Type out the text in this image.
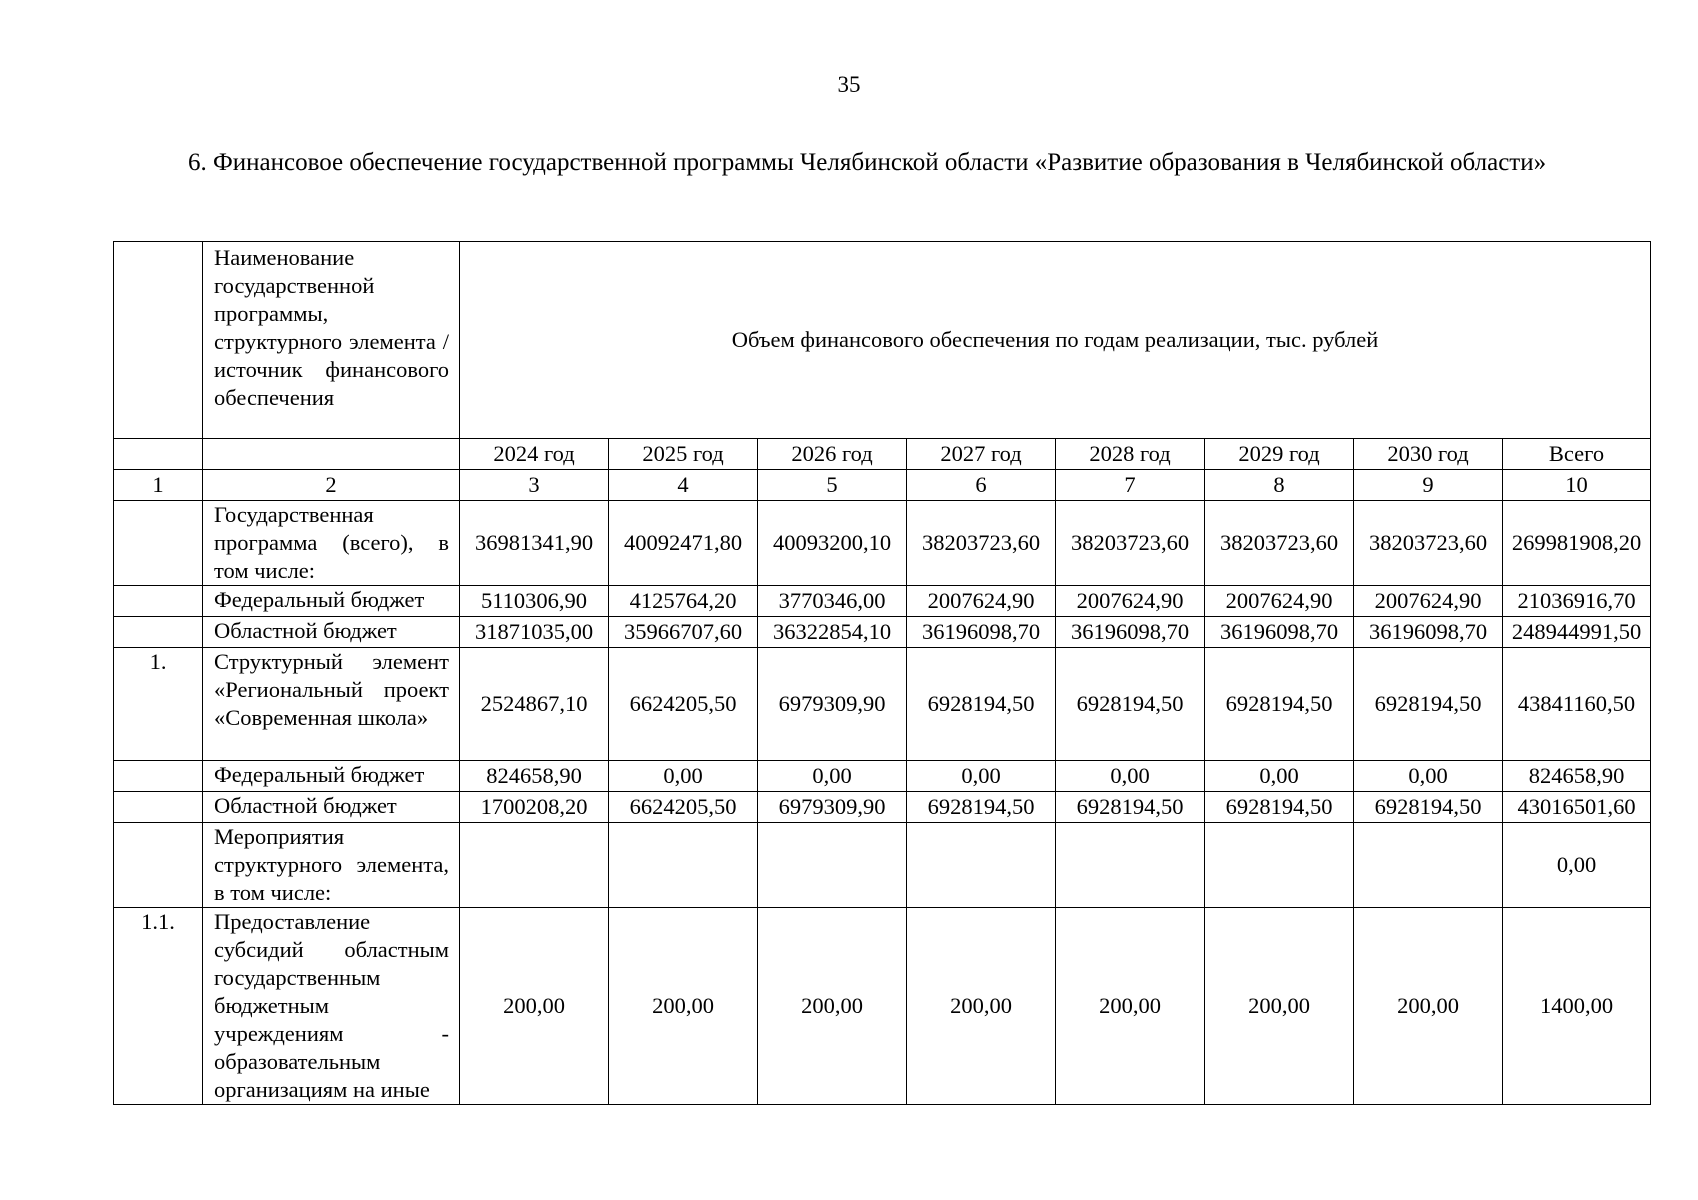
35
6. Финансовое обеспечение государственной программы Челябинской области «Развитие образования в Челябинской области»
	Наименование государственной программы, структурного элемента / источник финансового обеспечения	Объем финансового обеспечения по годам реализации, тыс. рублей							
		2024 год	2025 год	2026 год	2027 год	2028 год	2029 год	2030 год	Всего
1	2	3	4	5	6	7	8	9	10
	Государственная программа (всего), в том числе:	36981341,90	40092471,80	40093200,10	38203723,60	38203723,60	38203723,60	38203723,60	269981908,20
	Федеральный бюджет	5110306,90	4125764,20	3770346,00	2007624,90	2007624,90	2007624,90	2007624,90	21036916,70
	Областной бюджет	31871035,00	35966707,60	36322854,10	36196098,70	36196098,70	36196098,70	36196098,70	248944991,50
1.	Структурный элемент «Региональный проект «Современная школа»	2524867,10	6624205,50	6979309,90	6928194,50	6928194,50	6928194,50	6928194,50	43841160,50
	Федеральный бюджет	824658,90	0,00	0,00	0,00	0,00	0,00	0,00	824658,90
	Областной бюджет	1700208,20	6624205,50	6979309,90	6928194,50	6928194,50	6928194,50	6928194,50	43016501,60
	Мероприятия структурного элемента, в том числе:								0,00
1.1.	Предоставление субсидий областным государственным бюджетным учреждениям - образовательным организациям на иные	200,00	200,00	200,00	200,00	200,00	200,00	200,00	1400,00
